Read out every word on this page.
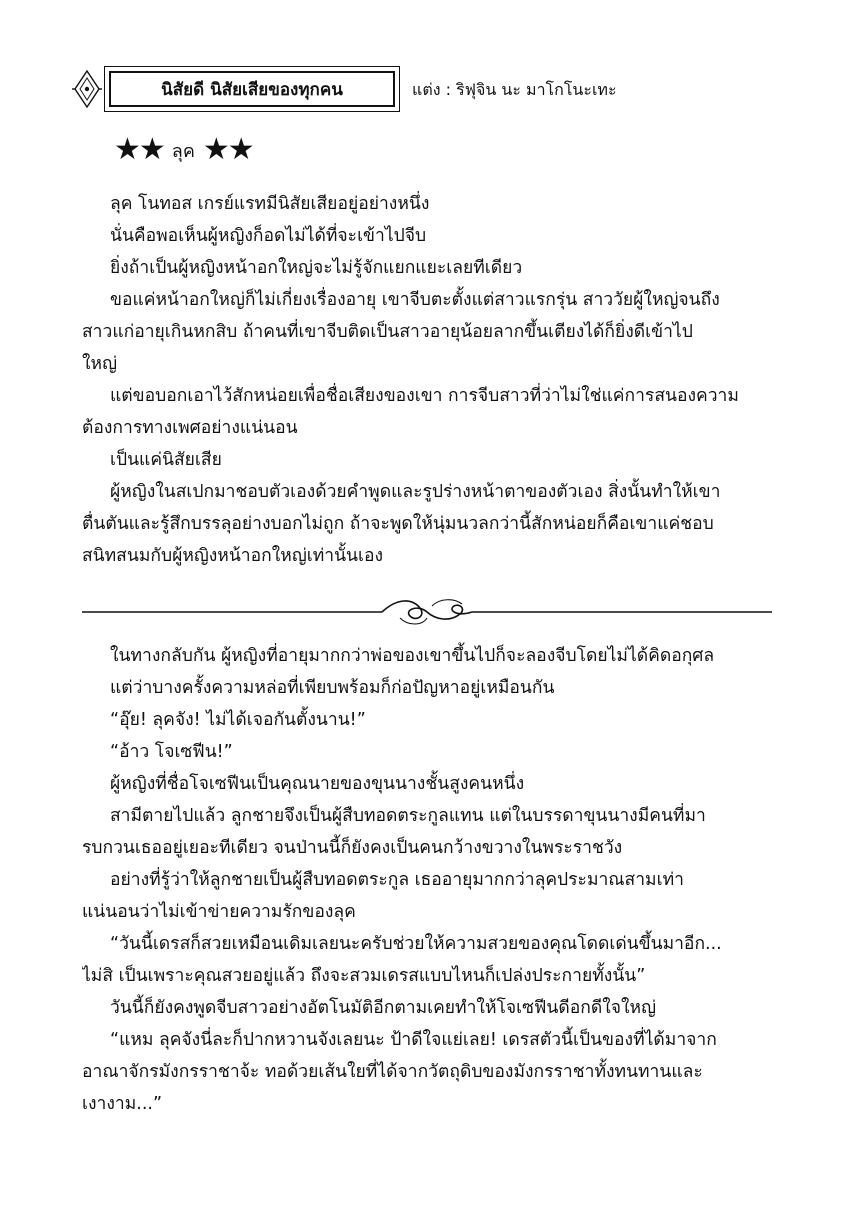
นิสัยดี นิสัยเสียของทุกคน	แต่ง : ริฟุจิน นะ มาโกโนะเทะ
★★ ลุค ★★

ลุค โนทอส เกรย์แรทมีนิสัยเสียอยู่อย่างหนึ่ง

นั่นคือพอเห็นผู้หญิงก็อดไม่ได้ที่จะเข้าไปจีบ

ยิ่งถ้าเป็นผู้หญิงหน้าอกใหญ่จะไม่รู้จักแยกแยะเลยทีเดียว

ขอแค่หน้าอกใหญ่ก็ไม่เกี่ยงเรื่องอายุ เขาจีบตะตั้งแต่สาวแรกรุ่น สาววัยผู้ใหญ่จนถึง

สาวแก่อายุเกินหกสิบ ถ้าคนที่เขาจีบติดเป็นสาวอายุน้อยลากขึ้นเตียงได้ก็ยิ่งดีเข้าไป

ใหญ่

แต่ขอบอกเอาไว้สักหน่อยเพื่อชื่อเสียงของเขา การจีบสาวที่ว่าไม่ใช่แค่การสนองความ

ต้องการทางเพศอย่างแน่นอน

เป็นแค่นิสัยเสีย

ผู้หญิงในสเปกมาชอบตัวเองด้วยคำพูดและรูปร่างหน้าตาของตัวเอง สิ่งนั้นทำให้เขา

ตื่นตันและรู้สึกบรรลุอย่างบอกไม่ถูก ถ้าจะพูดให้นุ่มนวลกว่านี้สักหน่อยก็คือเขาแค่ชอบ

สนิทสนมกับผู้หญิงหน้าอกใหญ่เท่านั้นเอง

ในทางกลับกัน ผู้หญิงที่อายุมากกว่าพ่อของเขาขึ้นไปก็จะลองจีบโดยไม่ได้คิดอกุศล

แต่ว่าบางครั้งความหล่อที่เพียบพร้อมก็ก่อปัญหาอยู่เหมือนกัน

“อุ๊ย! ลุคจัง! ไม่ได้เจอกันตั้งนาน!”

“อ้าว โจเซฟีน!”

ผู้หญิงที่ชื่อโจเซฟีนเป็นคุณนายของขุนนางชั้นสูงคนหนึ่ง

สามีตายไปแล้ว ลูกชายจึงเป็นผู้สืบทอดตระกูลแทน แต่ในบรรดาขุนนางมีคนที่มา

รบกวนเธออยู่เยอะทีเดียว จนป่านนี้ก็ยังคงเป็นคนกว้างขวางในพระราชวัง

อย่างที่รู้ว่าให้ลูกชายเป็นผู้สืบทอดตระกูล เธออายุมากกว่าลุคประมาณสามเท่า

แน่นอนว่าไม่เข้าข่ายความรักของลุค

“วันนี้เดรสก็สวยเหมือนเดิมเลยนะครับช่วยให้ความสวยของคุณโดดเด่นขึ้นมาอีก...

ไม่สิ เป็นเพราะคุณสวยอยู่แล้ว ถึงจะสวมเดรสแบบไหนก็เปล่งประกายทั้งนั้น”

วันนี้ก็ยังคงพูดจีบสาวอย่างอัตโนมัติอีกตามเคยทำให้โจเซฟีนดีอกดีใจใหญ่

“แหม ลุคจังนี่ละก็ปากหวานจังเลยนะ ป้าดีใจแย่เลย! เดรสตัวนี้เป็นของที่ได้มาจาก

อาณาจักรมังกรราชาจ้ะ ทอด้วยเส้นใยที่ได้จากวัตถุดิบของมังกรราชาทั้งทนทานและ

เงางาม...”
